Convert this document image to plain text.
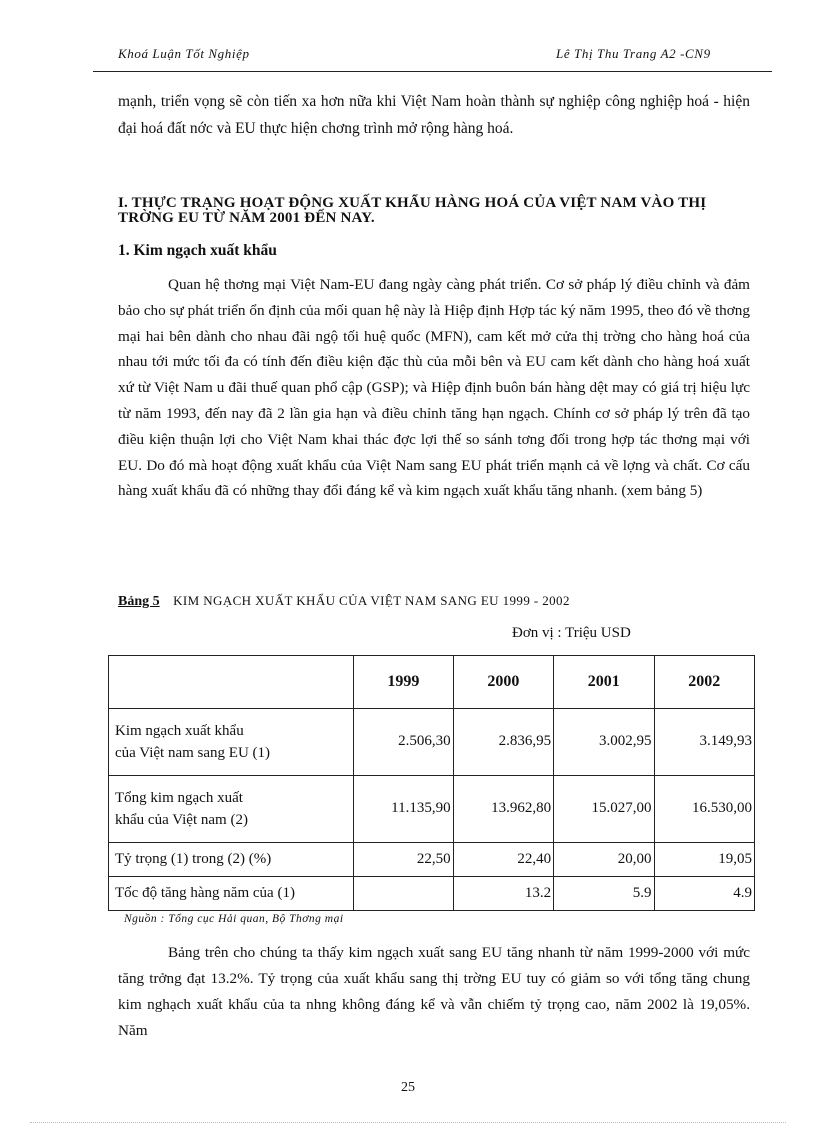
Khoá Luận Tốt Nghiệp	Lê Thị Thu Trang A2 -CN9

mạnh, triển vọng sẽ còn tiến xa hơn nữa khi Việt Nam hoàn thành sự nghiệp công nghiệp hoá - hiện đại hoá đất nớc và EU thực hiện chơng trình mở rộng hàng hoá.

I. THỰC TRẠNG HOẠT ĐỘNG XUẤT KHẨU HÀNG HOÁ CỦA VIỆT NAM VÀO THỊ TRỜNG EU TỪ NĂM 2001 ĐẾN NAY.
1. Kim ngạch xuất khẩu

Quan hệ thơng mại Việt Nam-EU đang ngày càng phát triển. Cơ sở pháp lý điều chỉnh và đảm bảo cho sự phát triển ổn định của mối quan hệ này là Hiệp định Hợp tác ký năm 1995, theo đó về thơng mại hai bên dành cho nhau đãi ngộ tối huệ quốc (MFN), cam kết mở cửa thị trờng cho hàng hoá của nhau tới mức tối đa có tính đến điều kiện đặc thù của mỗi bên và EU cam kết dành cho hàng hoá xuất xứ từ Việt Nam u đãi thuế quan phổ cập (GSP); và Hiệp định buôn bán hàng dệt may có giá trị hiệu lực từ năm 1993, đến nay đã 2 lần gia hạn và điều chỉnh tăng hạn ngạch. Chính cơ sở pháp lý trên đã tạo điều kiện thuận lợi cho Việt Nam khai thác đợc lợi thế so sánh tơng đối trong hợp tác thơng mại với EU. Do đó mà hoạt động xuất khẩu của Việt Nam sang EU phát triển mạnh cả về lợng và chất. Cơ cấu hàng xuất khẩu đã có những thay đổi đáng kể và kim ngạch xuất khẩu tăng nhanh. (xem bảng 5)

Bảng 5 KIM NGẠCH XUẤT KHẨU CỦA VIỆT NAM SANG EU 1999 - 2002
Đơn vị : Triệu USD
	1999	2000	2001	2002
Kim ngạch xuất khẩu
của Việt nam sang EU (1)	2.506,30	2.836,95	3.002,95	3.149,93
Tổng kim ngạch xuất
khẩu của Việt nam (2)	11.135,90	13.962,80	15.027,00	16.530,00
Tỷ trọng (1) trong (2) (%)	22,50	22,40	20,00	19,05
Tốc độ tăng hàng năm của (1)		13.2	5.9	4.9
Nguồn : Tổng cục Hải quan, Bộ Thơng mại

Bảng trên cho chúng ta thấy kim ngạch xuất sang EU tăng nhanh từ năm 1999-2000 với mức tăng trởng đạt 13.2%. Tỷ trọng của xuất khẩu sang thị trờng EU tuy có giảm so với tổng tăng chung kim nghạch xuất khẩu của ta nhng không đáng kể và vẫn chiếm tỷ trọng cao, năm 2002 là 19,05%. Năm

25
